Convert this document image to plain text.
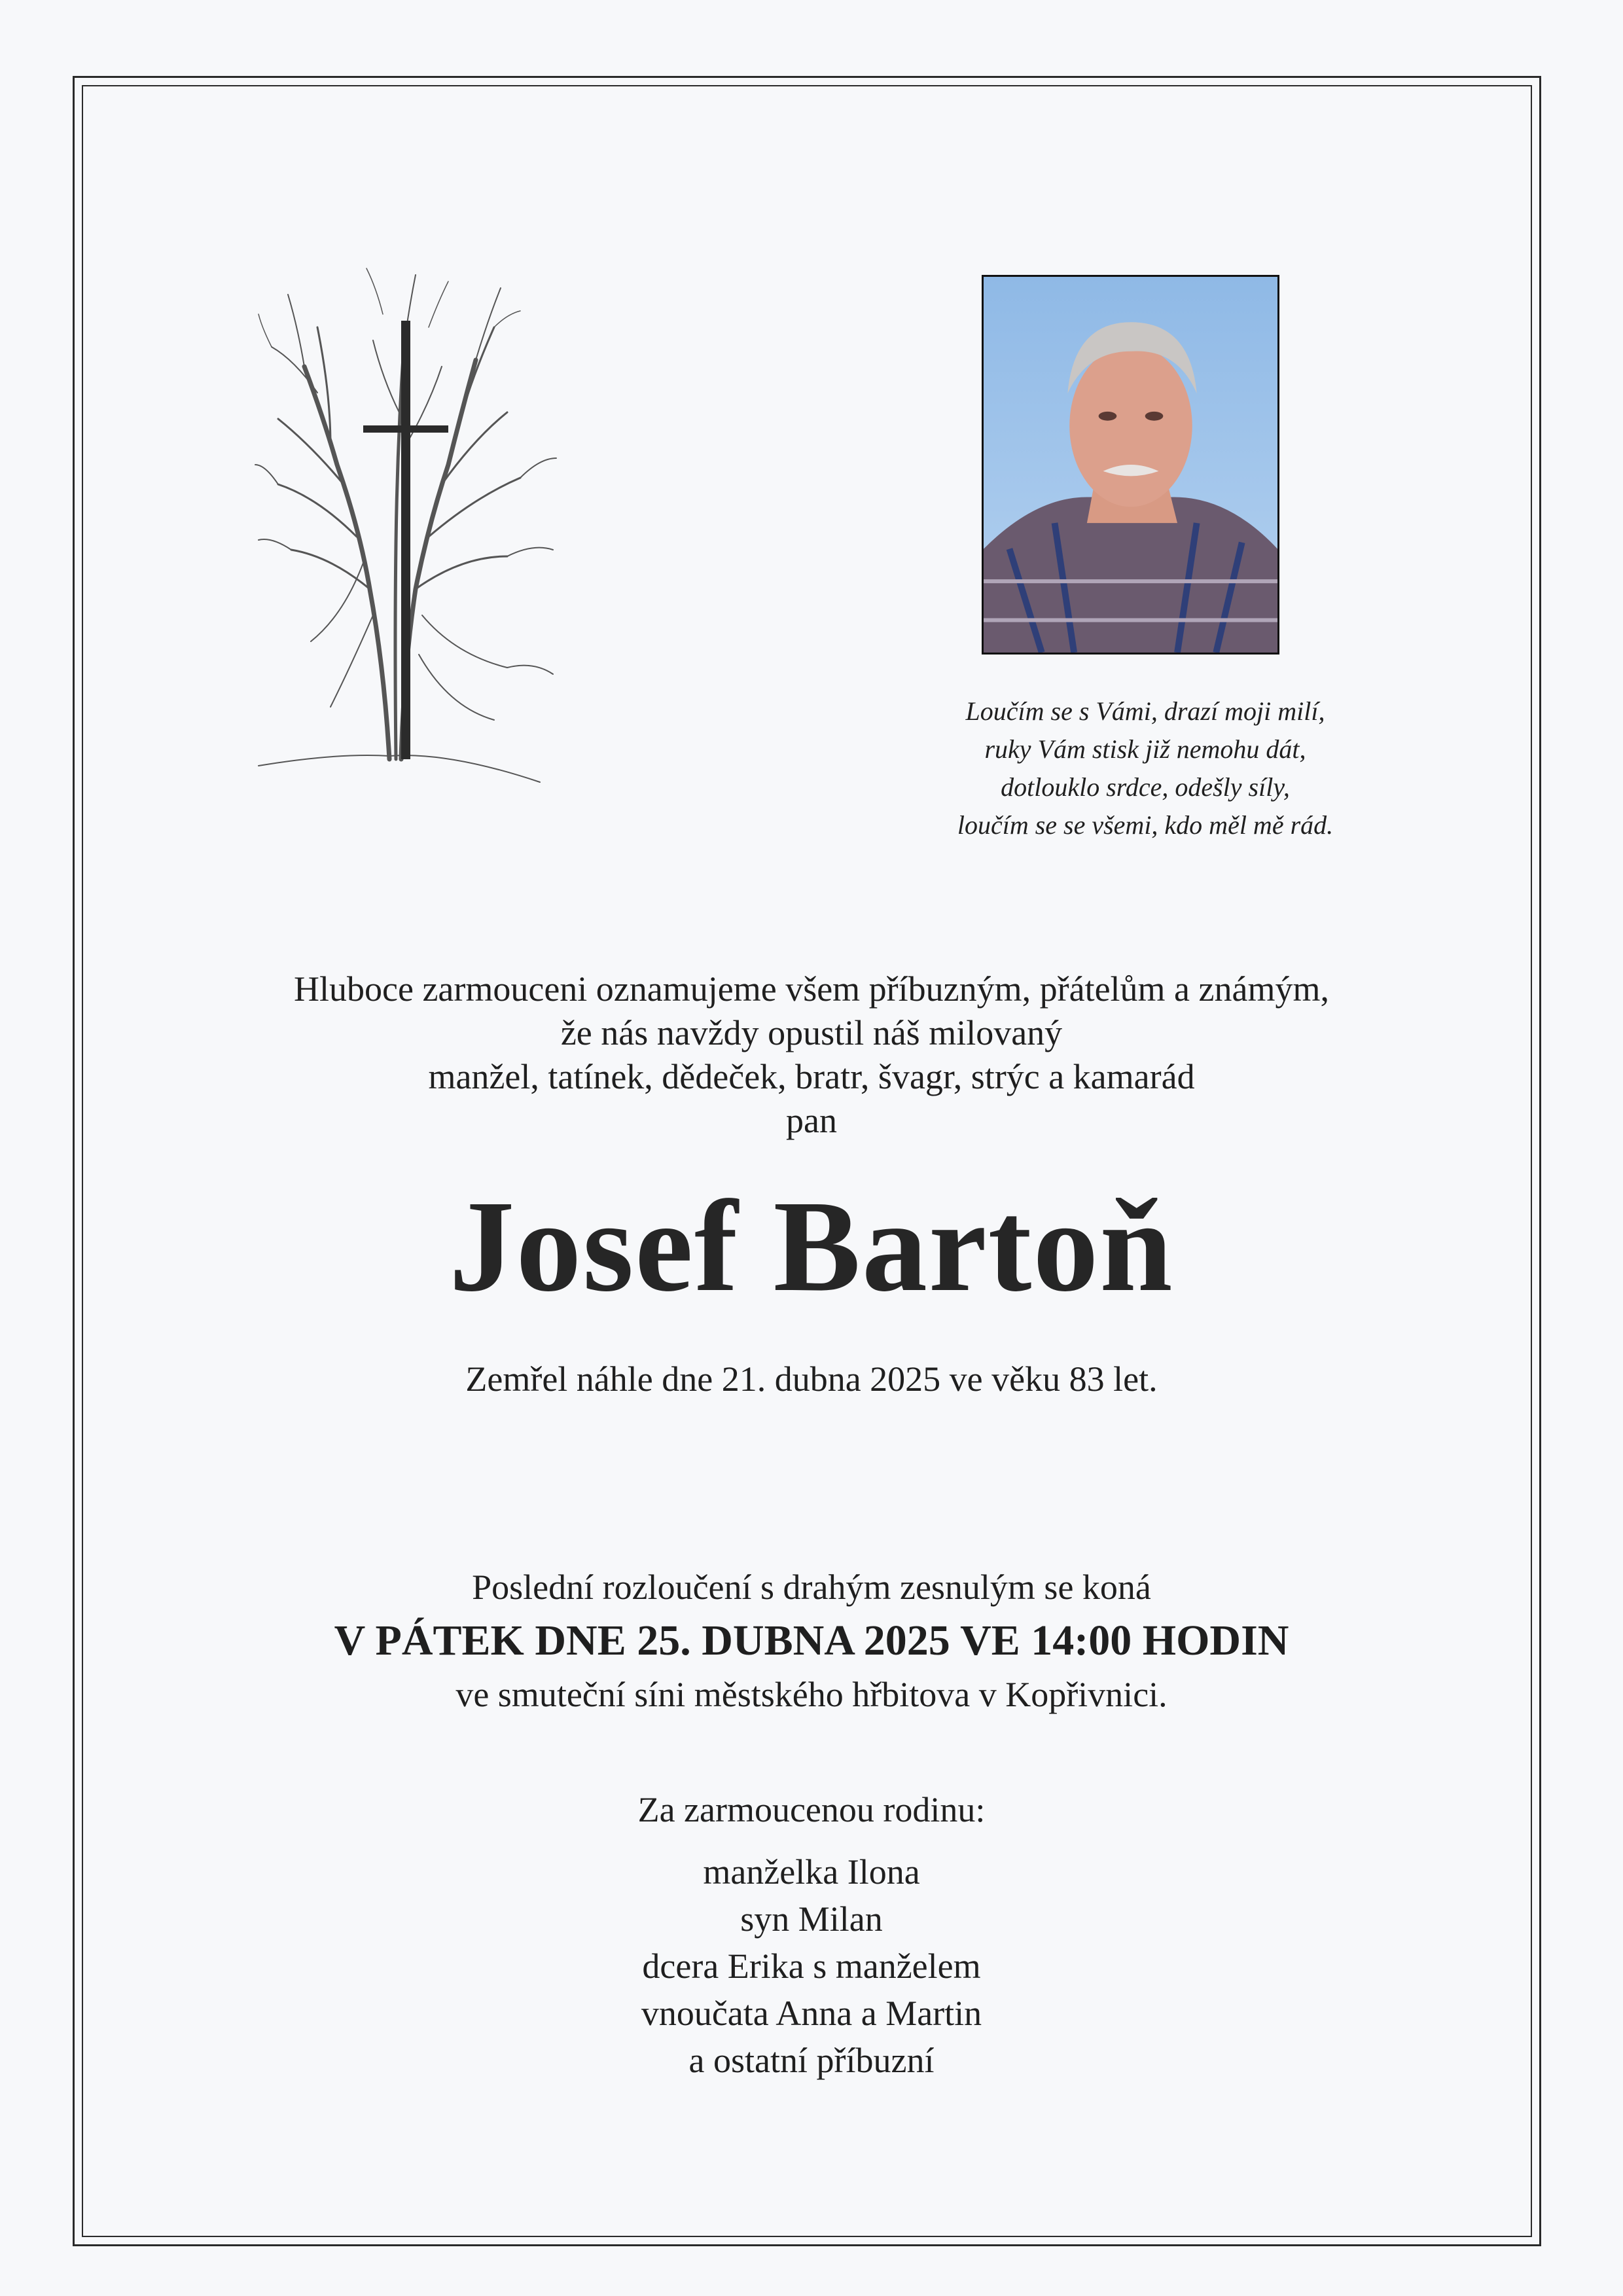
Loučím se s Vámi, drazí moji milí,
ruky Vám stisk již nemohu dát,
dotlouklo srdce, odešly síly,
loučím se se všemi, kdo měl mě rád.
Hluboce zarmouceni oznamujeme všem příbuzným, přátelům a známým,
že nás navždy opustil náš milovaný
manžel, tatínek, dědeček, bratr, švagr, strýc a kamarád
pan
Josef Bartoň
Zemřel náhle dne 21. dubna 2025 ve věku 83 let.
Poslední rozloučení s drahým zesnulým se koná
V PÁTEK DNE 25. DUBNA 2025 VE 14:00 HODIN
ve smuteční síni městského hřbitova v Kopřivnici.
Za zarmoucenou rodinu:
manželka Ilona
syn Milan
dcera Erika s manželem
vnoučata Anna a Martin
a ostatní příbuzní
